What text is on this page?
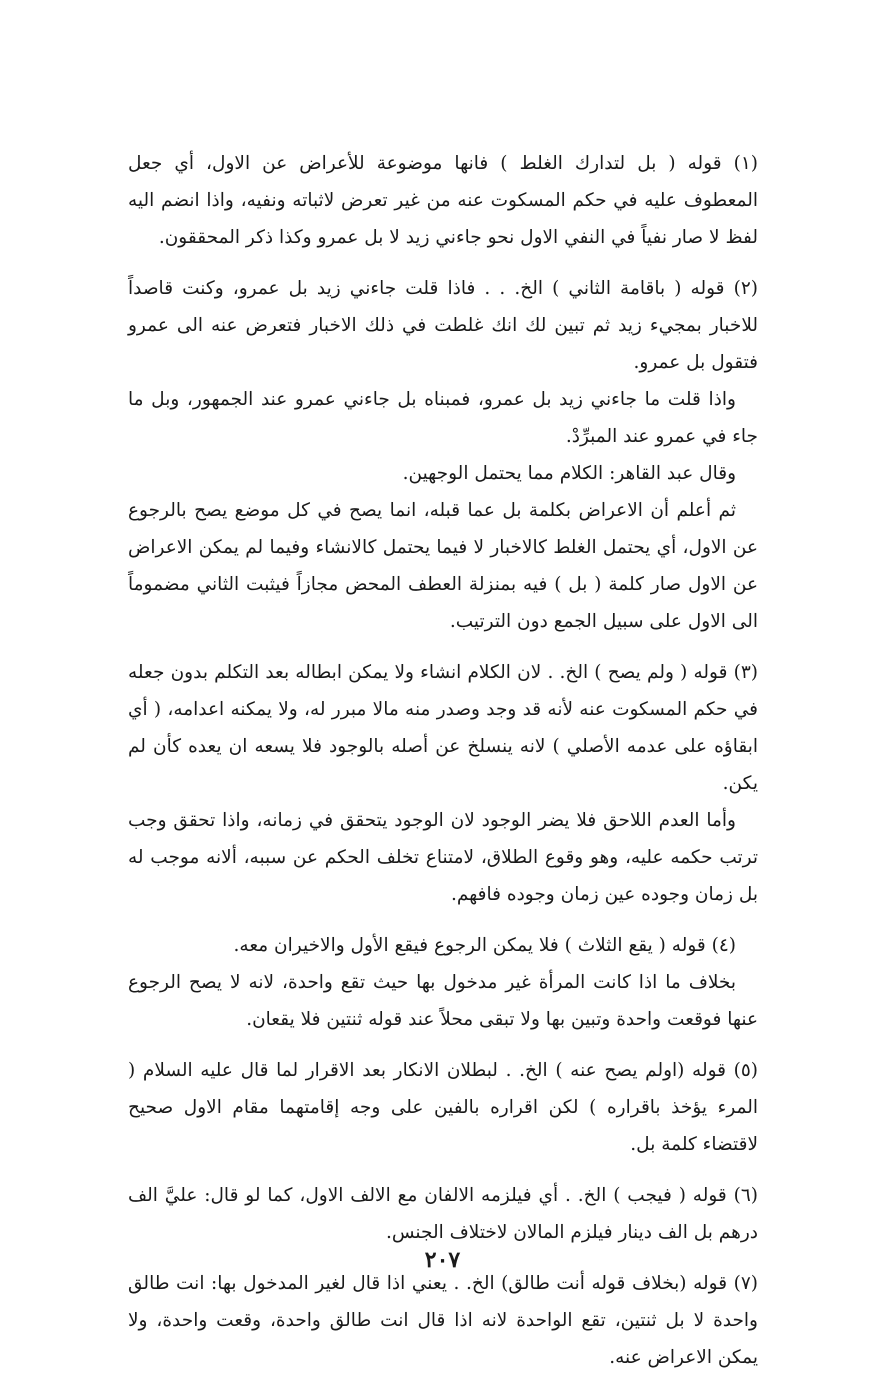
(١) قوله ( بل لتدارك الغلط ) فانها موضوعة للأعراض عن الاول، أي جعل المعطوف عليه في حكم المسكوت عنه من غير تعرض لاثباته ونفيه، واذا انضم اليه لفظ لا صار نفياً في النفي الاول نحو جاءني زيد لا بل عمرو وكذا ذكر المحققون.

(٢) قوله ( باقامة الثاني ) الخ. . . فاذا قلت جاءني زيد بل عمرو، وكنت قاصداً للاخبار بمجيء زيد ثم تبين لك انك غلطت في ذلك الاخبار فتعرض عنه الى عمرو فتقول بل عمرو.

واذا قلت ما جاءني زيد بل عمرو، فمبناه بل جاءني عمرو عند الجمهور، وبل ما جاء في عمرو عند المبرِّدْ.

وقال عبد القاهر: الكلام مما يحتمل الوجهين.

ثم أعلم أن الاعراض بكلمة بل عما قبله، انما يصح في كل موضع يصح بالرجوع عن الاول، أي يحتمل الغلط كالاخبار لا فيما يحتمل كالانشاء وفيما لم يمكن الاعراض عن الاول صار كلمة ( بل ) فيه بمنزلة العطف المحض مجازاً فيثبت الثاني مضموماً الى الاول على سبيل الجمع دون الترتيب.

(٣) قوله ( ولم يصح ) الخ. . لان الكلام انشاء ولا يمكن ابطاله بعد التكلم بدون جعله في حكم المسكوت عنه لأنه قد وجد وصدر منه مالا مبرر له، ولا يمكنه اعدامه، ( أي ابقاؤه على عدمه الأصلي ) لانه ينسلخ عن أصله بالوجود فلا يسعه ان يعده كأن لم يكن.

وأما العدم اللاحق فلا يضر الوجود لان الوجود يتحقق في زمانه، واذا تحقق وجب ترتب حكمه عليه، وهو وقوع الطلاق، لامتناع تخلف الحكم عن سببه، ألانه موجب له بل زمان وجوده عين زمان وجوده فافهم.

(٤) قوله ( يقع الثلاث ) فلا يمكن الرجوع فيقع الأول والاخيران معه.

بخلاف ما اذا كانت المرأة غير مدخول بها حيث تقع واحدة، لانه لا يصح الرجوع عنها فوقعت واحدة وتبين بها ولا تبقى محلاً عند قوله ثنتين فلا يقعان.

(٥) قوله (اولم يصح عنه ) الخ. . لبطلان الانكار بعد الاقرار لما قال عليه السلام ( المرء يؤخذ باقراره ) لكن اقراره بالفين على وجه إقامتهما مقام الاول صحيح لاقتضاء كلمة بل.

(٦) قوله ( فيجب ) الخ. . أي فيلزمه الالفان مع الالف الاول، كما لو قال: عليَّ الف درهم بل الف دينار فيلزم المالان لاختلاف الجنس.

(٧) قوله (بخلاف قوله أنت طالق) الخ. . يعني اذا قال لغير المدخول بها: انت طالق واحدة لا بل ثنتين، تقع الواحدة لانه اذا قال انت طالق واحدة، وقعت واحدة، ولا يمكن الاعراض عنه.

٢٠٧
